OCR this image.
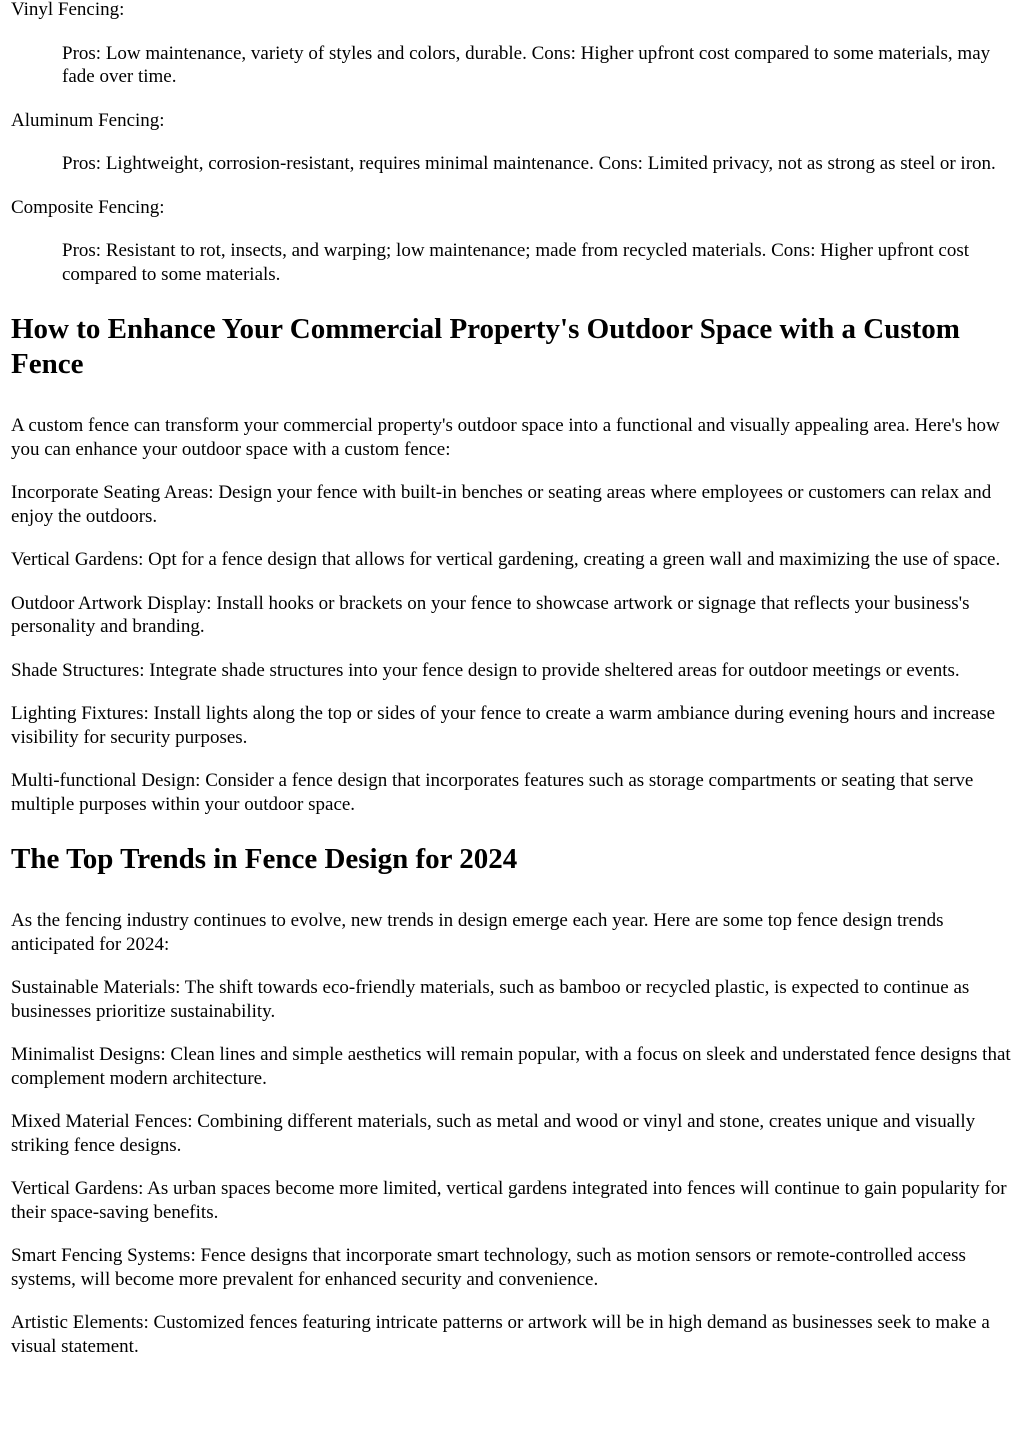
Vinyl Fencing:
Pros: Low maintenance, variety of styles and colors, durable. Cons: Higher upfront cost compared to some materials, may fade over time.
Aluminum Fencing:
Pros: Lightweight, corrosion-resistant, requires minimal maintenance. Cons: Limited privacy, not as strong as steel or iron.
Composite Fencing:
Pros: Resistant to rot, insects, and warping; low maintenance; made from recycled materials. Cons: Higher upfront cost compared to some materials.
How to Enhance Your Commercial Property's Outdoor Space with a Custom Fence

A custom fence can transform your commercial property's outdoor space into a functional and visually appealing area. Here's how you can enhance your outdoor space with a custom fence:

Incorporate Seating Areas: Design your fence with built-in benches or seating areas where employees or customers can relax and enjoy the outdoors.

Vertical Gardens: Opt for a fence design that allows for vertical gardening, creating a green wall and maximizing the use of space.

Outdoor Artwork Display: Install hooks or brackets on your fence to showcase artwork or signage that reflects your business's personality and branding.

Shade Structures: Integrate shade structures into your fence design to provide sheltered areas for outdoor meetings or events.

Lighting Fixtures: Install lights along the top or sides of your fence to create a warm ambiance during evening hours and increase visibility for security purposes.

Multi-functional Design: Consider a fence design that incorporates features such as storage compartments or seating that serve multiple purposes within your outdoor space.

The Top Trends in Fence Design for 2024

As the fencing industry continues to evolve, new trends in design emerge each year. Here are some top fence design trends anticipated for 2024:

Sustainable Materials: The shift towards eco-friendly materials, such as bamboo or recycled plastic, is expected to continue as businesses prioritize sustainability.

Minimalist Designs: Clean lines and simple aesthetics will remain popular, with a focus on sleek and understated fence designs that complement modern architecture.

Mixed Material Fences: Combining different materials, such as metal and wood or vinyl and stone, creates unique and visually striking fence designs.

Vertical Gardens: As urban spaces become more limited, vertical gardens integrated into fences will continue to gain popularity for their space-saving benefits.

Smart Fencing Systems: Fence designs that incorporate smart technology, such as motion sensors or remote-controlled access systems, will become more prevalent for enhanced security and convenience.

Artistic Elements: Customized fences featuring intricate patterns or artwork will be in high demand as businesses seek to make a visual statement.
